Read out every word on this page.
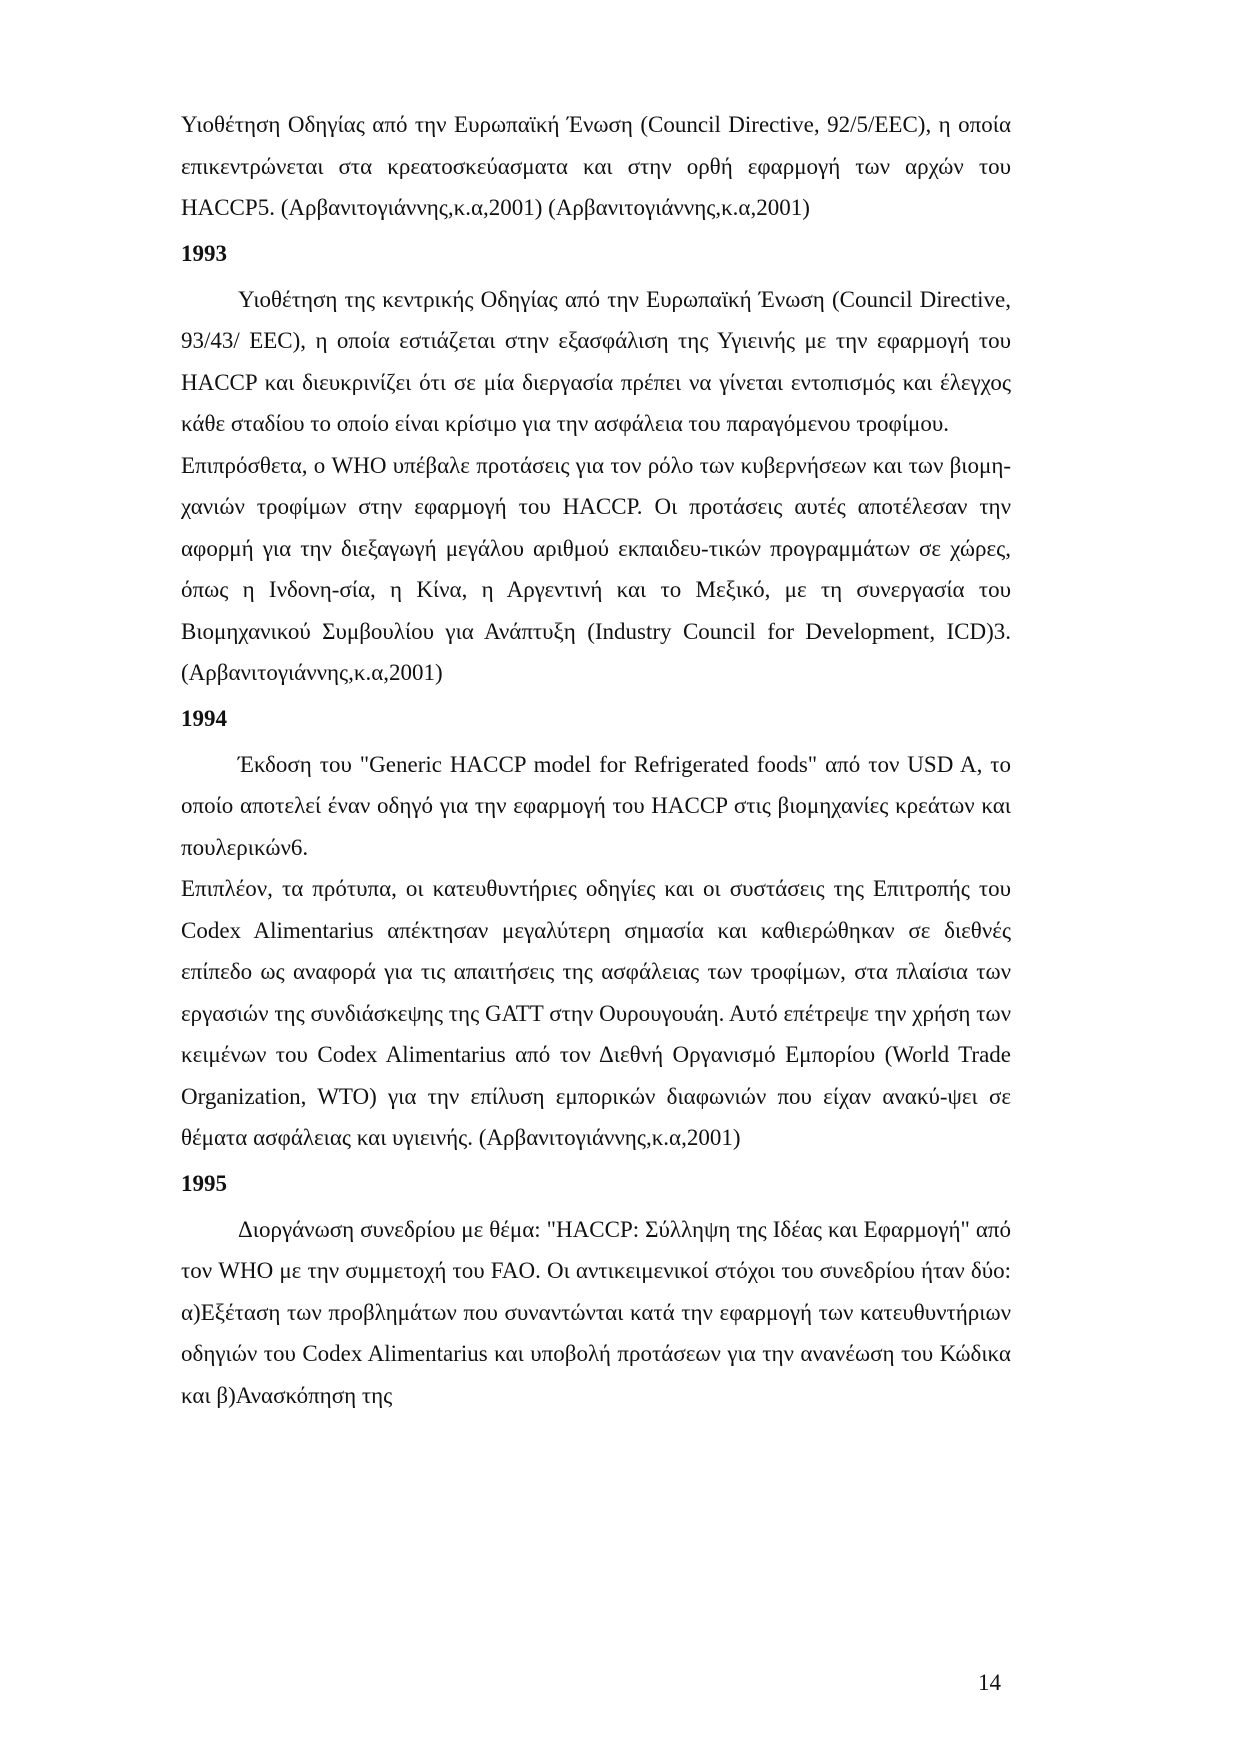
Υιοθέτηση Οδηγίας από την Ευρωπαϊκή Ένωση (Council Directive, 92/5/EEC), η οποία επικεντρώνεται στα κρεατοσκεύασματα και στην ορθή εφαρμογή των αρχών του HACCP5. (Αρβανιτογιάννης,κ.α,2001) (Αρβανιτογιάννης,κ.α,2001)

1993

Υιοθέτηση της κεντρικής Οδηγίας από την Ευρωπαϊκή Ένωση (Council Directive, 93/43/ EEC), η οποία εστιάζεται στην εξασφάλιση της Υγιεινής με την εφαρμογή του HACCP και διευκρινίζει ότι σε μία διεργασία πρέπει να γίνεται εντοπισμός και έλεγχος κάθε σταδίου το οποίο είναι κρίσιμο για την ασφάλεια του παραγόμενου τροφίμου.

Επιπρόσθετα, ο WHO υπέβαλε προτάσεις για τον ρόλο των κυβερνήσεων και των βιομη-χανιών τροφίμων στην εφαρμογή του HACCP. Οι προτάσεις αυτές αποτέλεσαν την αφορμή για την διεξαγωγή μεγάλου αριθμού εκπαιδευ-τικών προγραμμάτων σε χώρες, όπως η Ινδονη-σία, η Κίνα, η Αργεντινή και το Μεξικό, με τη συνεργασία του Βιομηχανικού Συμβουλίου για Ανάπτυξη (Industry Council for Development, ICD)3. (Αρβανιτογιάννης,κ.α,2001)

1994

Έκδοση του "Generic HACCP model for Refrigerated foods" από τον USD A, το οποίο αποτελεί έναν οδηγό για την εφαρμογή του HACCP στις βιομηχανίες κρεάτων και πουλερικών6.

Επιπλέον, τα πρότυπα, οι κατευθυντήριες οδηγίες και οι συστάσεις της Επιτροπής του Codex Alimentarius απέκτησαν μεγαλύτερη σημασία και καθιερώθηκαν σε διεθνές επίπεδο ως αναφορά για τις απαιτήσεις της ασφάλειας των τροφίμων, στα πλαίσια των εργασιών της συνδιάσκεψης της GATT στην Ουρουγουάη. Αυτό επέτρεψε την χρήση των κειμένων του Codex Alimentarius από τον Διεθνή Οργανισμό Εμπορίου (World Trade Organization, WTO) για την επίλυση εμπορικών διαφωνιών που είχαν ανακύ-ψει σε θέματα ασφάλειας και υγιεινής. (Αρβανιτογιάννης,κ.α,2001)

1995

Διοργάνωση συνεδρίου με θέμα: "HACCP: Σύλληψη της Ιδέας και Εφαρμογή" από τον WHO με την συμμετοχή του FAO. Οι αντικειμενικοί στόχοι του συνεδρίου ήταν δύο: α)Εξέταση των προβλημάτων που συναντώνται κατά την εφαρμογή των κατευθυντήριων οδηγιών του Codex Alimentarius και υποβολή προτάσεων για την ανανέωση του Κώδικα και β)Ανασκόπηση της

14
